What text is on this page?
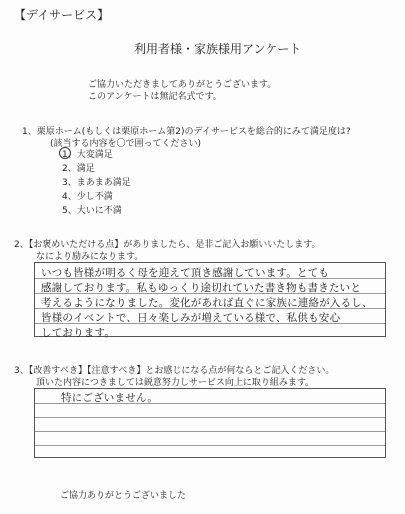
【デイサービス】
利用者様・家族様用アンケート
ご協力いただきましてありがとうございます。
このアンケートは無記名式です。
1、栗原ホーム(もしくは栗原ホーム第2)のデイサービスを総合的にみて満足度は?
(該当する内容を〇で囲ってください)
1、大変満足
2、満足
3、まあまあ満足
4、少し不満
5、大いに不満
2、【お褒めいただける点】がありましたら、是非ご記入お願いいたします。
なにより励みになります。
いつも皆様が明るく母を迎えて頂き感謝しています。とても
感謝しております。私もゆっくり途切れていた書き物も書きたいと
考えるようになりました。変化があれば直ぐに家族に連絡が入るし、
皆様のイベントで、日々楽しみが増えている様で、私供も安心
しております。
3、【改善すべき】【注意すべき】とお感じになる点が何ならとご記入ください。
頂いた内容につきましては鋭意努力しサービス向上に取り組みます。
特にございません。
ご協力ありがとうございました
